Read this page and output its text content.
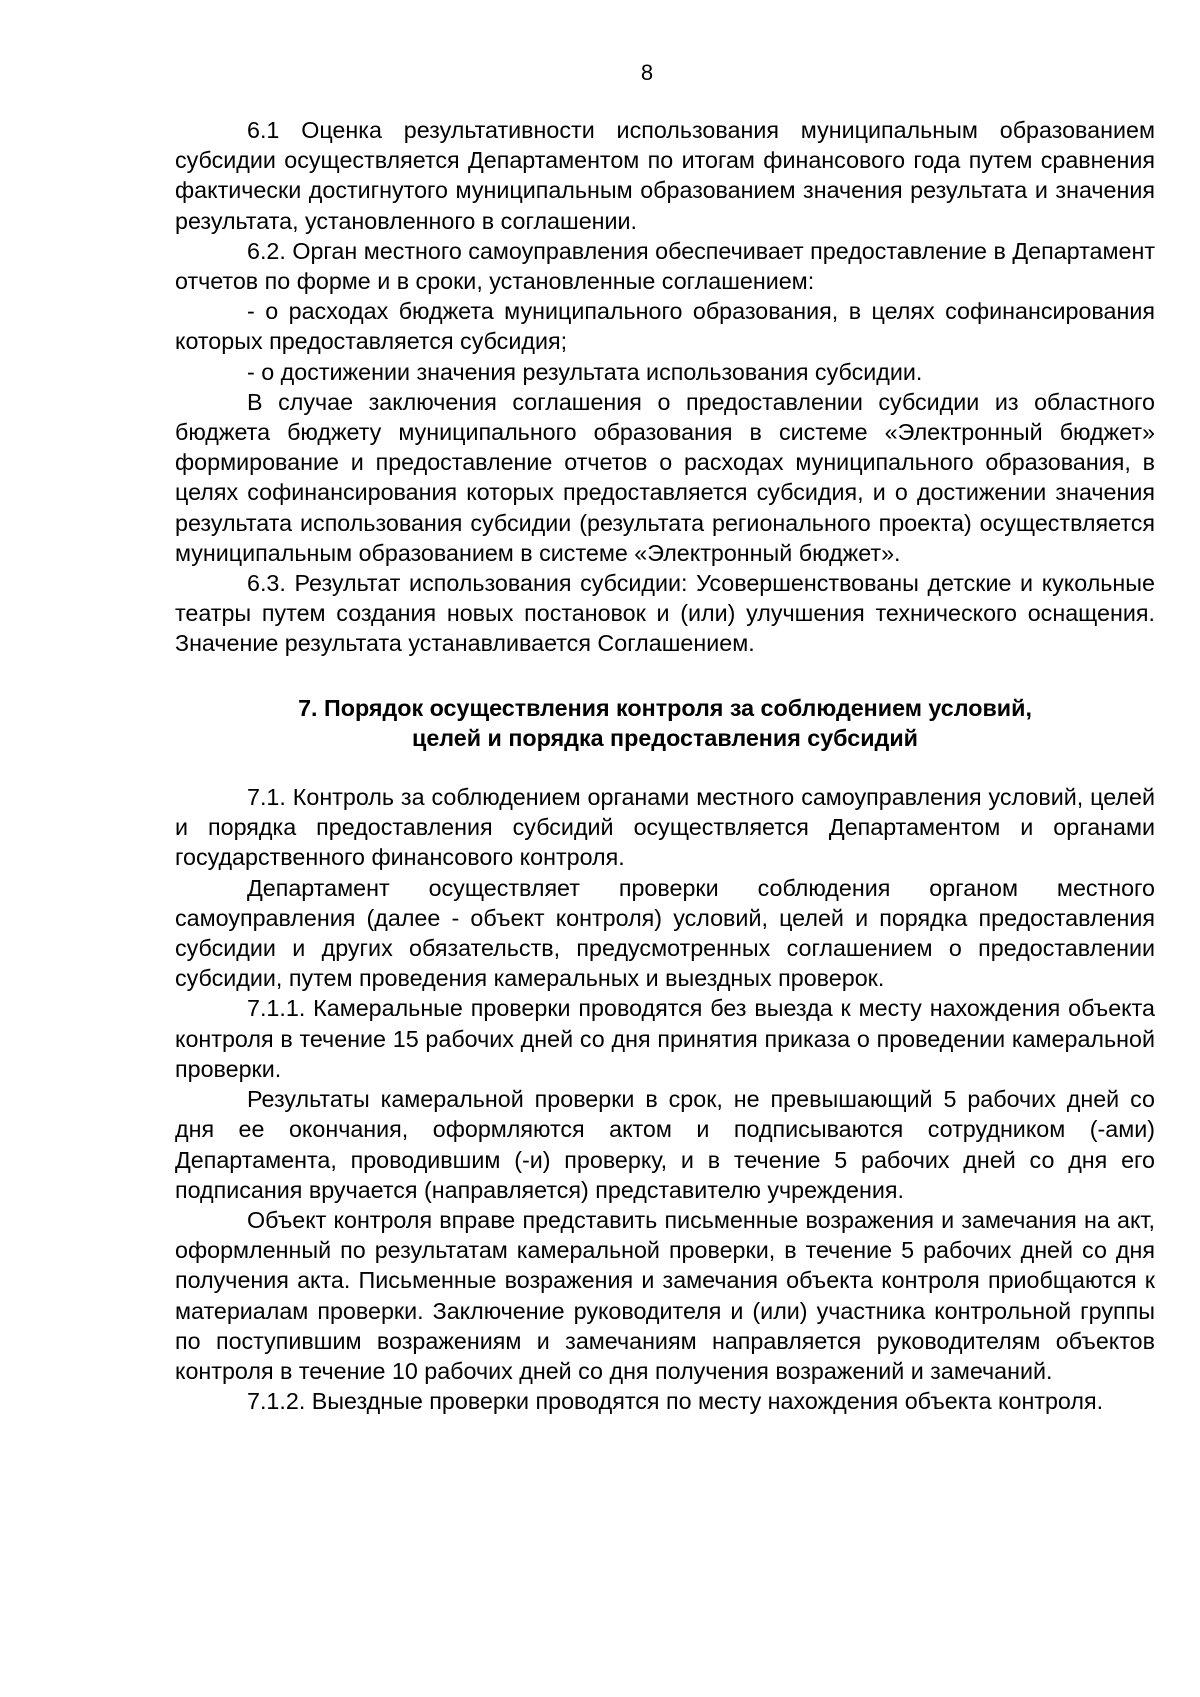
8

6.1 Оценка результативности использования муниципальным образованием субсидии осуществляется Департаментом по итогам финансового года путем сравнения фактически достигнутого муниципальным образованием значения результата и значения результата, установленного в соглашении.

6.2. Орган местного самоуправления обеспечивает предоставление в Департамент отчетов по форме и в сроки, установленные соглашением:

- о расходах бюджета муниципального образования, в целях софинансирования которых предоставляется субсидия;

- о достижении значения результата использования субсидии.

В случае заключения соглашения о предоставлении субсидии из областного бюджета бюджету муниципального образования в системе «Электронный бюджет» формирование и предоставление отчетов о расходах муниципального образования, в целях софинансирования которых предоставляется субсидия, и о достижении значения результата использования субсидии (результата регионального проекта) осуществляется муниципальным образованием в системе «Электронный бюджет».

6.3. Результат использования субсидии: Усовершенствованы детские и кукольные театры путем создания новых постановок и (или) улучшения технического оснащения. Значение результата устанавливается Соглашением.

7. Порядок осуществления контроля за соблюдением условий,
целей и порядка предоставления субсидий

7.1. Контроль за соблюдением органами местного самоуправления условий, целей и порядка предоставления субсидий осуществляется Департаментом и органами государственного финансового контроля.

Департамент осуществляет проверки соблюдения органом местного самоуправления (далее - объект контроля) условий, целей и порядка предоставления субсидии и других обязательств, предусмотренных соглашением о предоставлении субсидии, путем проведения камеральных и выездных проверок.

7.1.1. Камеральные проверки проводятся без выезда к месту нахождения объекта контроля в течение 15 рабочих дней со дня принятия приказа о проведении камеральной проверки.

Результаты камеральной проверки в срок, не превышающий 5 рабочих дней со дня ее окончания, оформляются актом и подписываются сотрудником (-ами) Департамента, проводившим (-и) проверку, и в течение 5 рабочих дней со дня его подписания вручается (направляется) представителю учреждения.

Объект контроля вправе представить письменные возражения и замечания на акт, оформленный по результатам камеральной проверки, в течение 5 рабочих дней со дня получения акта. Письменные возражения и замечания объекта контроля приобщаются к материалам проверки. Заключение руководителя и (или) участника контрольной группы по поступившим возражениям и замечаниям направляется руководителям объектов контроля в течение 10 рабочих дней со дня получения возражений и замечаний.

7.1.2. Выездные проверки проводятся по месту нахождения объекта контроля.
